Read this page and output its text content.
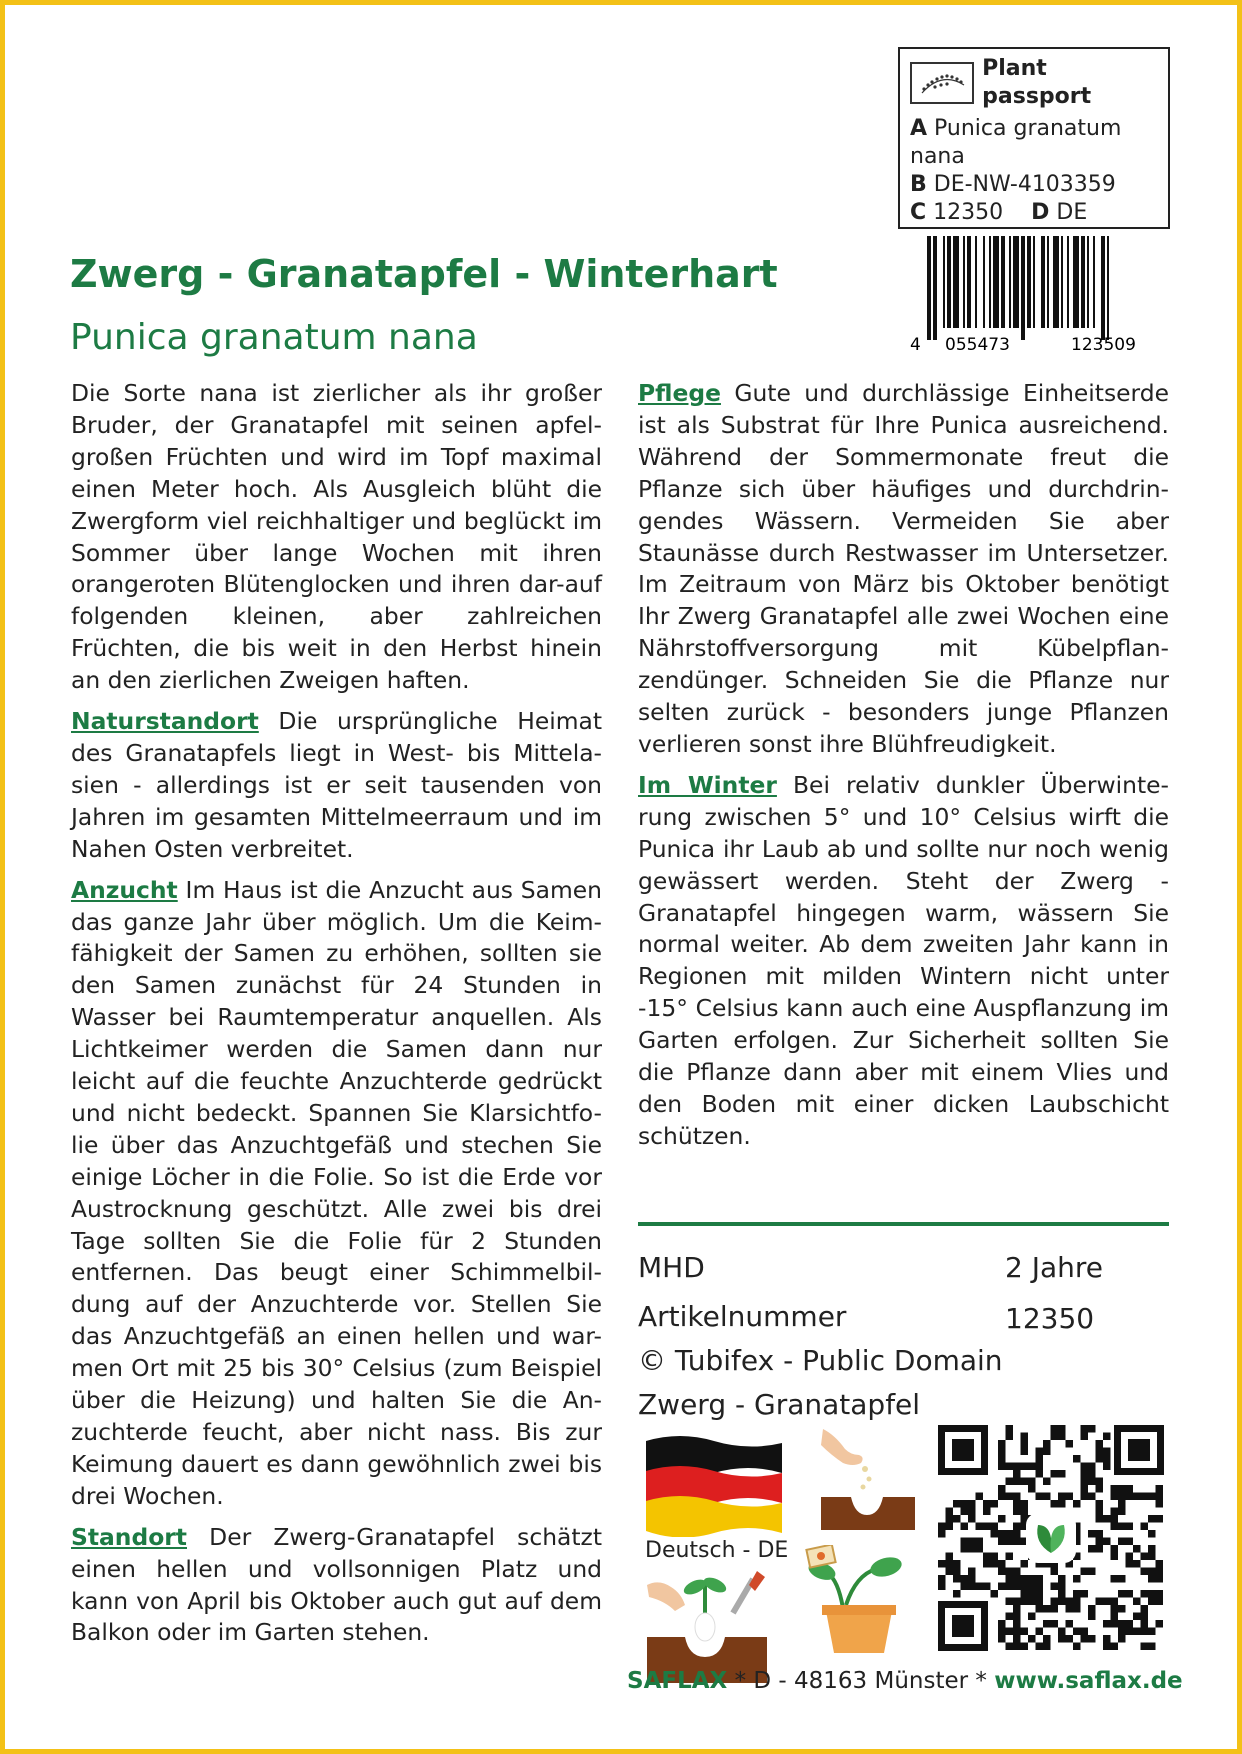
Plant passport
A Punica granatum
nana
B DE-NW-4103359
C 12350 D DE
4 055473	123509
Zwerg - Granatapfel - Winterhart
Punica granatum nana

Die Sorte nana ist zierlicher als ihr großer Bruder, der Granatapfel mit seinen apfel-großen Früchten und wird im Topf maximal einen Meter hoch. Als Ausgleich blüht die Zwergform viel reichhaltiger und beglückt im Sommer über lange Wochen mit ihren orangeroten Blütenglocken und ihren dar-auf folgenden kleinen, aber zahlreichen Früchten, die bis weit in den Herbst hinein an den zierlichen Zweigen haften.

Naturstandort Die ursprüngliche Heimat des Granatapfels liegt in West- bis Mittela-sien - allerdings ist er seit tausenden von Jahren im gesamten Mittelmeerraum und im Nahen Osten verbreitet.

Anzucht Im Haus ist die Anzucht aus Samen das ganze Jahr über möglich. Um die Keim-fähigkeit der Samen zu erhöhen, sollten sie den Samen zunächst für 24 Stunden in Wasser bei Raumtemperatur anquellen. Als Lichtkeimer werden die Samen dann nur leicht auf die feuchte Anzuchterde gedrückt und nicht bedeckt. Spannen Sie Klarsichtfo-lie über das Anzuchtgefäß und stechen Sie einige Löcher in die Folie. So ist die Erde vor Austrocknung geschützt. Alle zwei bis drei Tage sollten Sie die Folie für 2 Stunden entfernen. Das beugt einer Schimmelbil-dung auf der Anzuchterde vor. Stellen Sie das Anzuchtgefäß an einen hellen und war-men Ort mit 25 bis 30° Celsius (zum Beispiel über die Heizung) und halten Sie die An-zuchterde feucht, aber nicht nass. Bis zur Keimung dauert es dann gewöhnlich zwei bis drei Wochen.

Standort Der Zwerg-Granatapfel schätzt einen hellen und vollsonnigen Platz und kann von April bis Oktober auch gut auf dem Balkon oder im Garten stehen.

Pflege Gute und durchlässige Einheitserde ist als Substrat für Ihre Punica ausreichend. Während der Sommermonate freut die Pflanze sich über häufiges und durchdrin-gendes Wässern. Vermeiden Sie aber Staunässe durch Restwasser im Untersetzer. Im Zeitraum von März bis Oktober benötigt Ihr Zwerg Granatapfel alle zwei Wochen eine Nährstoffversorgung mit Kübelpflan-zendünger. Schneiden Sie die Pflanze nur selten zurück - besonders junge Pflanzen verlieren sonst ihre Blühfreudigkeit.

Im Winter Bei relativ dunkler Überwinte-rung zwischen 5° und 10° Celsius wirft die Punica ihr Laub ab und sollte nur noch wenig gewässert werden. Steht der Zwerg - Granatapfel hingegen warm, wässern Sie normal weiter. Ab dem zweiten Jahr kann in Regionen mit milden Wintern nicht unter -15° Celsius kann auch eine Auspflanzung im Garten erfolgen. Zur Sicherheit sollten Sie die Pflanze dann aber mit einem Vlies und den Boden mit einer dicken Laubschicht schützen.

MHD	2 Jahre
Artikelnummer	12350
© Tubifex - Public Domain
Zwerg - Granatapfel
Deutsch - DE
SAFLAX * D - 48163 Münster * www.saflax.de
